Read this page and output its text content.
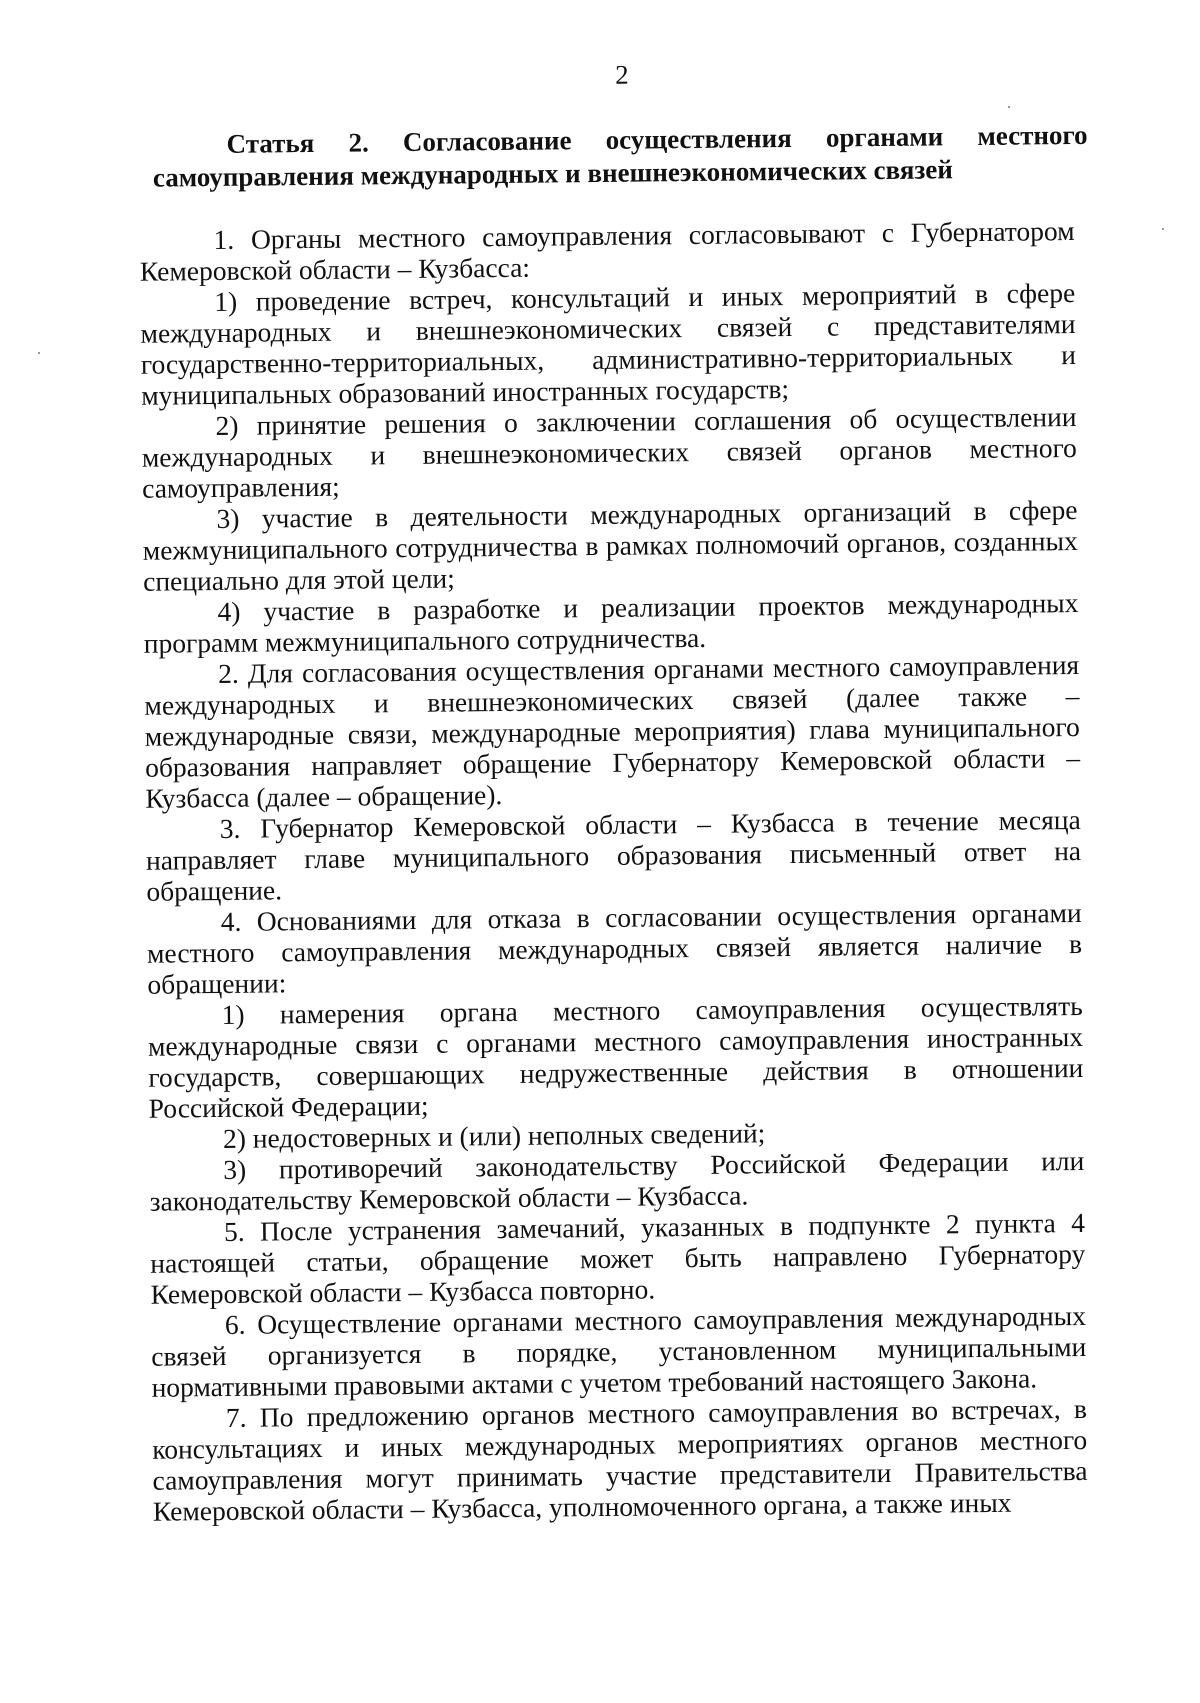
2
Статья 2. Согласование осуществления органами местного самоуправления международных и внешнеэкономических связей

1. Органы местного самоуправления согласовывают с Губернатором Кемеровской области – Кузбасса:

1) проведение встреч, консультаций и иных мероприятий в сфере международных и внешнеэкономических связей с представителями государственно-территориальных, административно-территориальных и муниципальных образований иностранных государств;

2) принятие решения о заключении соглашения об осуществлении международных и внешнеэкономических связей органов местного самоуправления;

3) участие в деятельности международных организаций в сфере межмуниципального сотрудничества в рамках полномочий органов, созданных специально для этой цели;

4) участие в разработке и реализации проектов международных программ межмуниципального сотрудничества.

2. Для согласования осуществления органами местного самоуправления международных и внешнеэкономических связей (далее также – международные связи, международные мероприятия) глава муниципального образования направляет обращение Губернатору Кемеровской области – Кузбасса (далее – обращение).

3. Губернатор Кемеровской области – Кузбасса в течение месяца направляет главе муниципального образования письменный ответ на обращение.

4. Основаниями для отказа в согласовании осуществления органами местного самоуправления международных связей является наличие в обращении:

1) намерения органа местного самоуправления осуществлять международные связи с органами местного самоуправления иностранных государств, совершающих недружественные действия в отношении Российской Федерации;

2) недостоверных и (или) неполных сведений;

3) противоречий законодательству Российской Федерации или законодательству Кемеровской области – Кузбасса.

5. После устранения замечаний, указанных в подпункте 2 пункта 4 настоящей статьи, обращение может быть направлено Губернатору Кемеровской области – Кузбасса повторно.

6. Осуществление органами местного самоуправления международных связей организуется в порядке, установленном муниципальными нормативными правовыми актами с учетом требований настоящего Закона.

7. По предложению органов местного самоуправления во встречах, в консультациях и иных международных мероприятиях органов местного самоуправления могут принимать участие представители Правительства Кемеровской области – Кузбасса, уполномоченного органа, а также иных
